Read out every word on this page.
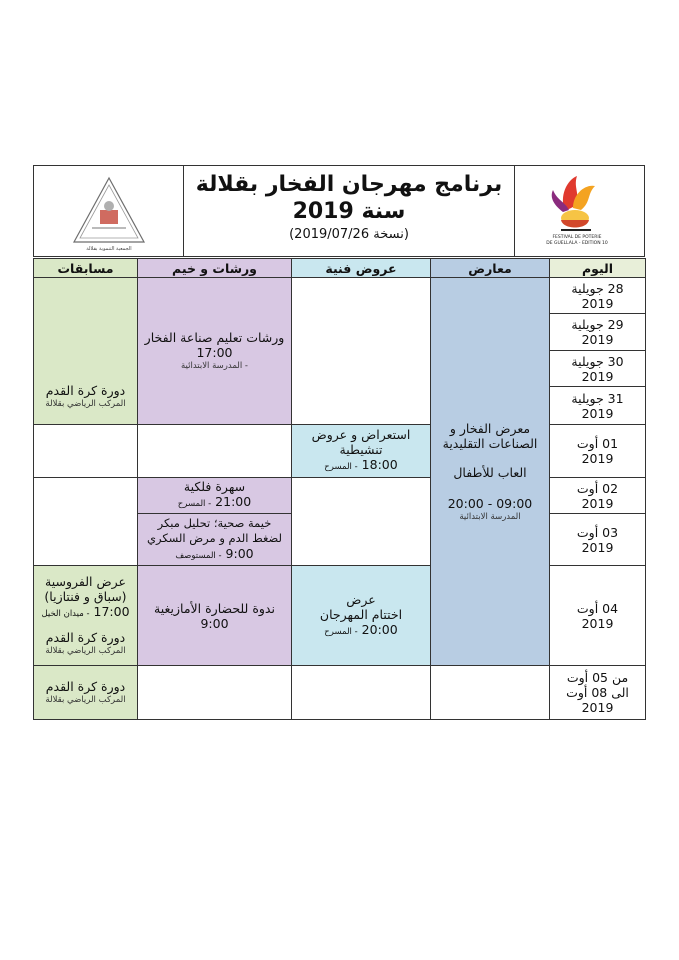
FESTIVAL DE POTERIE
DE GUELLALA - EDITION 10
برنامج مهرجان الفخار بقلالة
سنة 2019
(نسخة 2019/07/26)
الجمعية التنموية بقلالة
اليوم	معارض	عروض فنية	ورشات و خيم	مسابقات

28 جويلية
2019	معرض الفخار و
الصناعات التقليدية
العاب للأطفال
09:00 - 20:00
المدرسة الابتدائية		ورشات تعليم صناعة الفخار
17:00
- المدرسة الابتدائية	دورة كرة القدم
المركب الرياضي بقلالة

29 جويلية
2019				

30 جويلية
2019				

31 جويلية
2019				

01 أوت
2019		استعراض و عروض
تنشيطية
18:00 - المسرح		

02 أوت
2019			سهرة فلكية
21:00 - المسرح	

03 أوت
2019			خيمة صحية؛ تحليل مبكر
لضغط الدم و مرض السكري
9:00 - المستوصف	

04 أوت
2019		عرض
اختتام المهرجان
20:00 - المسرح	ندوة للحضارة الأمازيغية
9:00	عرض الفروسية
(سباق و فنتازيا)
17:00 - ميدان الخيل
دورة كرة القدم
المركب الرياضي بقلالة

من 05 أوت
الى 08 أوت
2019				دورة كرة القدم
المركب الرياضي بقلالة
